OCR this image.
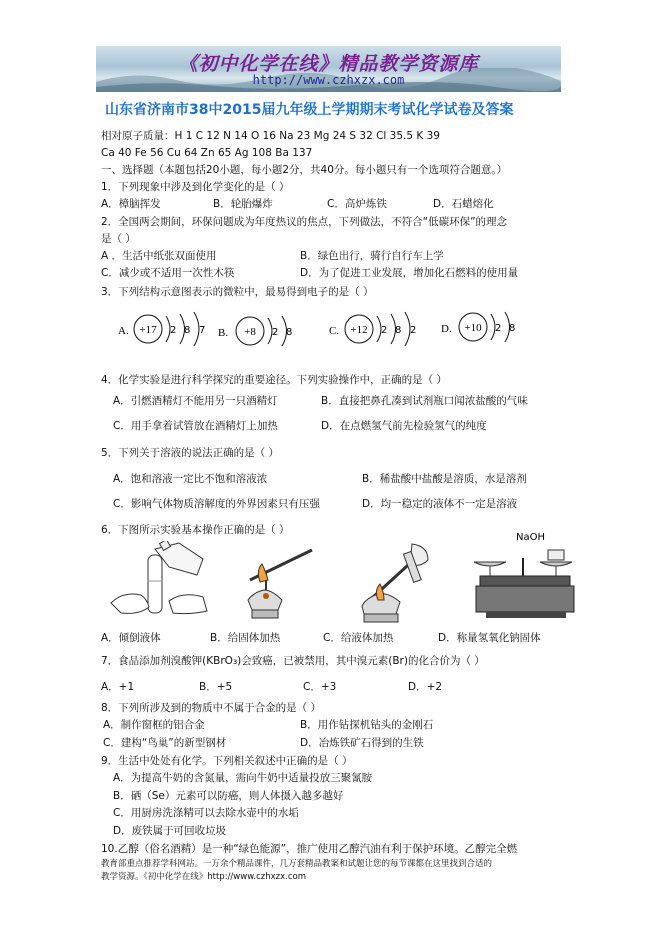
《初中化学在线》精品教学资源库
http://www.czhxzx.com
山东省济南市38中2015届九年级上学期期末考试化学试卷及答案
相对原子质量：H 1 C 12 N 14 O 16 Na 23 Mg 24 S 32 Cl 35.5 K 39
Ca 40 Fe 56 Cu 64 Zn 65 Ag 108 Ba 137
一、选择题（本题包括20小题，每小题2分，共40分。每小题只有一个选项符合题意。）
1．下列现象中涉及到化学变化的是（ ）
A．樟脑挥发	B．轮胎爆炸	C．高炉炼铁	D．石蜡熔化
2．全国两会期间，环保问题成为年度热议的焦点，下列做法，不符合“低碳环保”的理念
是（ ）
A ．生活中纸张双面使用	B．绿色出行，骑行自行车上学
C．减少或不适用一次性木筷	D．为了促进工业发展，增加化石燃料的使用量
3．下列结构示意图表示的微粒中，最易得到电子的是（ ）
A. +17 2 8 7 B. +8 2 8	C. +12 2 8 2 D. +10 2 8
4．化学实验是进行科学探究的重要途径。下列实验操作中，正确的是（ ）
A．引燃酒精灯不能用另一只酒精灯	B．直接把鼻孔凑到试剂瓶口闻浓盐酸的气味
C．用手拿着试管放在酒精灯上加热	D．在点燃氢气前先检验氢气的纯度
5．下列关于溶液的说法正确的是（ ）
A．饱和溶液一定比不饱和溶液浓	B．稀盐酸中盐酸是溶质，水是溶剂
C．影响气体物质溶解度的外界因素只有压强	D．均一稳定的液体不一定是溶液
6．下图所示实验基本操作正确的是（ ）
NaOH
A．倾倒液体	B．给固体加热	C．给液体加热	D．称量氢氧化钠固体
7．食品添加剂溴酸钾(KBrO₃)会致癌，已被禁用，其中溴元素(Br)的化合价为（ ）
A．+1	B．+5	C．+3	D．+2
8．下列所涉及到的物质中不属于合金的是（ ）
A．制作窗框的铝合金	B．用作钻探机钻头的金刚石
C．建构“鸟巢”的新型钢材	D．冶炼铁矿石得到的生铁
9．生活中处处有化学。下列相关叙述中正确的是（ ）
A．为提高牛奶的含氮量，需向牛奶中适量投放三聚氰胺
B．硒（Se）元素可以防癌，则人体摄入越多越好
C．用厨房洗涤精可以去除水壶中的水垢
D．废铁属于可回收垃圾
10.乙醇（俗名酒精）是一种“绿色能源”，推广使用乙醇汽油有利于保护环境。乙醇完全燃
教育部重点推荐学科网站。一万余个精品课件，几万套精品教案和试题让您的每节课都在这里找到合适的
教学资源。《初中化学在线》http://www.czhxzx.com
